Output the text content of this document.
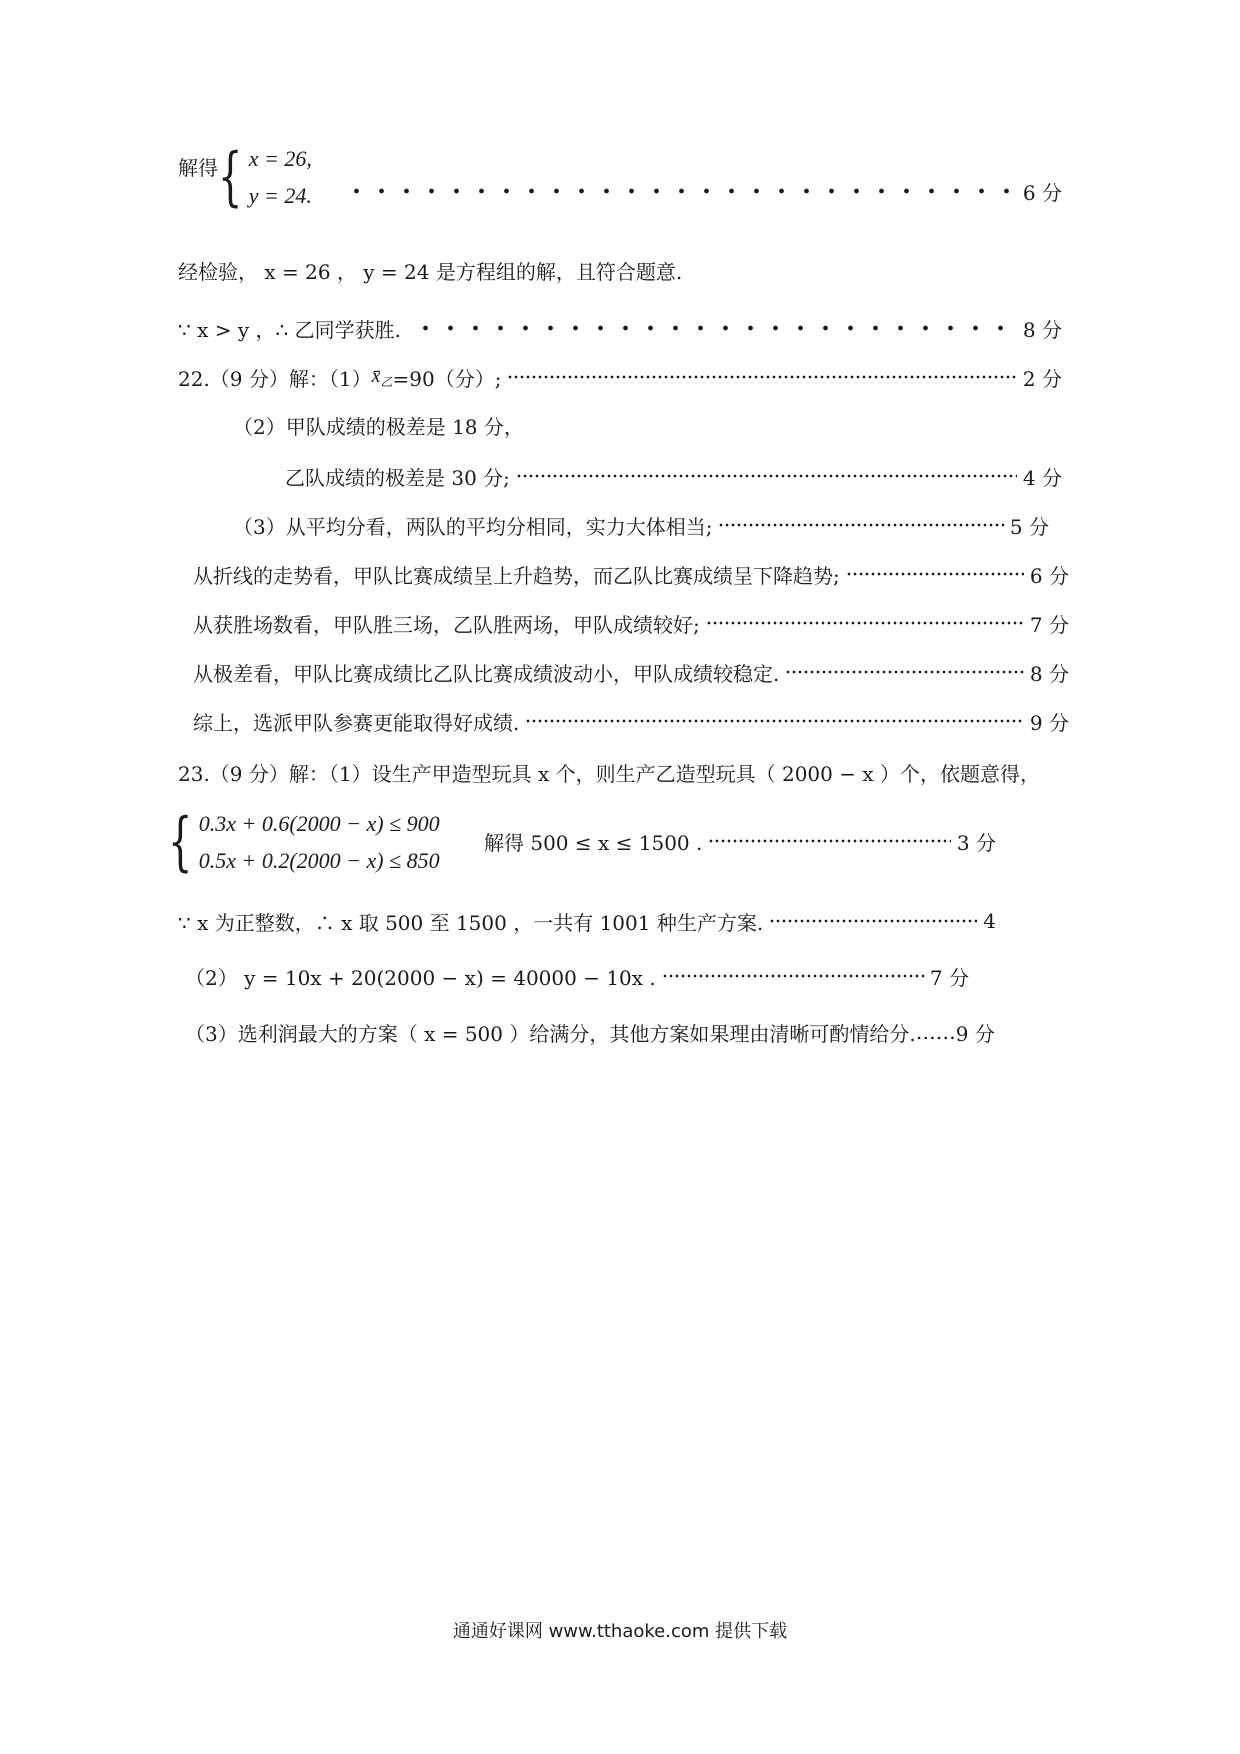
解得 { x = 26,
y = 24.	6 分
经检验， x = 26 ， y = 24 是方程组的解，且符合题意.
∵ x > y ，∴ 乙同学获胜.	8 分
22.（9 分）解：（1） $x̄_乙 =90$（分）;	2 分
（2）甲队成绩的极差是 18 分，
乙队成绩的极差是 30 分;	4 分
（3）从平均分看，两队的平均分相同，实力大体相当;	5 分
从折线的走势看，甲队比赛成绩呈上升趋势，而乙队比赛成绩呈下降趋势;	6 分
从获胜场数看，甲队胜三场，乙队胜两场，甲队成绩较好;	7 分
从极差看，甲队比赛成绩比乙队比赛成绩波动小，甲队成绩较稳定.	8 分
综上，选派甲队参赛更能取得好成绩.	9 分
23.（9 分）解：（1）设生产甲造型玩具 x 个，则生产乙造型玩具（ 2000 − x ）个，依题意得，
{ 0.3x + 0.6(2000 − x) ≤ 900
0.5x + 0.2(2000 − x) ≤ 850
解得 500 ≤ x ≤ 1500 .	3 分
∵ x 为正整数，∴ x 取 500 至 1500 ，一共有 1001 种生产方案.	4
（2） y = 10x + 20(2000 − x) = 40000 − 10x .	7 分
（3）选利润最大的方案（ x = 500 ）给满分，其他方案如果理由清晰可酌情给分. …… 9 分
通通好课网 www.tthaoke.com 提供下载
